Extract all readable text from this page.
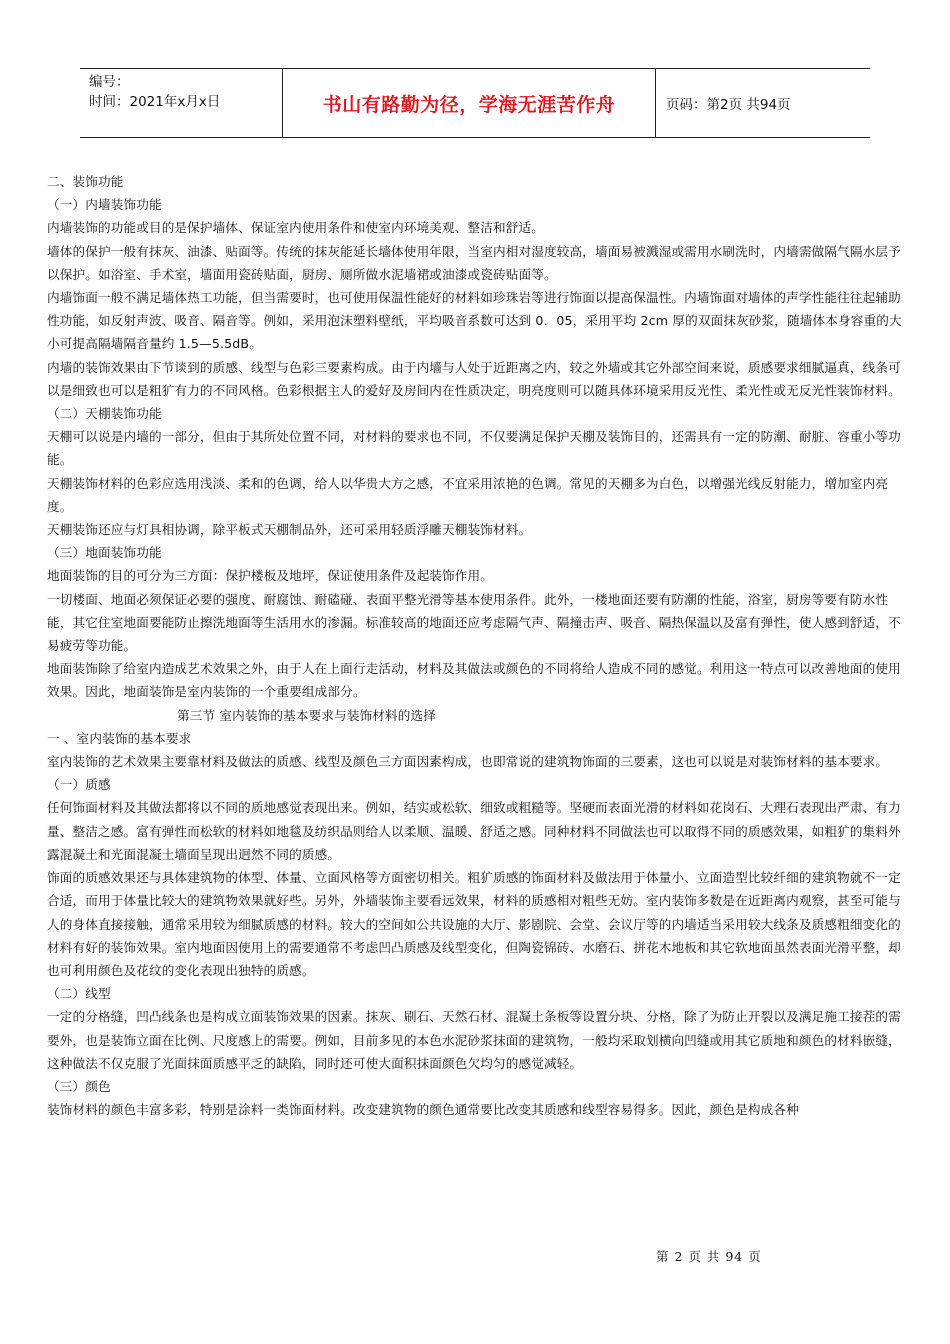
编号：
时间：2021年x月x日	书山有路勤为径，学海无涯苦作舟	页码：第2页 共94页

二、装饰功能

（一）内墙装饰功能

内墙装饰的功能或目的是保护墙体、保证室内使用条件和使室内环境美观、整洁和舒适。

墙体的保护一般有抹灰、油漆、贴面等。传统的抹灰能延长墙体使用年限，当室内相对湿度较高，墙面易被溅湿或需用水刷洗时，内墙需做隔气隔水层予以保护。如浴室、手术室，墙面用瓷砖贴面，厨房、厕所做水泥墙裙或油漆或瓷砖贴面等。

内墙饰面一般不满足墙体热工功能，但当需要时，也可使用保温性能好的材料如珍珠岩等进行饰面以提高保温性。内墙饰面对墙体的声学性能往往起辅助性功能，如反射声波、吸音、隔音等。例如，采用泡沫塑料壁纸，平均吸音系数可达到 0．05，采用平均 2cm 厚的双面抹灰砂浆，随墙体本身容重的大小可提高隔墙隔音量约 1.5—5.5dB。

内墙的装饰效果由下节谈到的质感、线型与色彩三要素构成。由于内墙与人处于近距离之内，较之外墙或其它外部空间来说，质感要求细腻逼真，线条可以是细致也可以是粗犷有力的不同风格。色彩根据主人的爱好及房间内在性质决定，明亮度则可以随具体环境采用反光性、柔光性或无反光性装饰材料。

（二）天棚装饰功能

天棚可以说是内墙的一部分，但由于其所处位置不同，对材料的要求也不同，不仅要满足保护天棚及装饰目的，还需具有一定的防潮、耐脏、容重小等功能。

天棚装饰材料的色彩应选用浅淡、柔和的色调，给人以华贵大方之感，不宜采用浓艳的色调。常见的天棚多为白色，以增强光线反射能力，增加室内亮度。

天棚装饰还应与灯具相协调，除平板式天棚制品外，还可采用轻质浮雕天棚装饰材料。

（三）地面装饰功能

地面装饰的目的可分为三方面：保护楼板及地坪，保证使用条件及起装饰作用。

一切楼面、地面必须保证必要的强度、耐腐蚀、耐磕碰、表面平整光滑等基本使用条件。此外，一楼地面还要有防潮的性能，浴室，厨房等要有防水性能，其它住室地面要能防止擦洗地面等生活用水的渗漏。标准较高的地面还应考虑隔气声、隔撞击声、吸音、隔热保温以及富有弹性，使人感到舒适，不易疲劳等功能。

地面装饰除了给室内造成艺术效果之外，由于人在上面行走活动，材料及其做法或颜色的不同将给人造成不同的感觉。利用这一特点可以改善地面的使用效果。因此，地面装饰是室内装饰的一个重要组成部分。

第三节 室内装饰的基本要求与装饰材料的选择

一 、室内装饰的基本要求

室内装饰的艺术效果主要靠材料及做法的质感、线型及颜色三方面因素构成，也即常说的建筑物饰面的三要素，这也可以说是对装饰材料的基本要求。

（一）质感

任何饰面材料及其做法都将以不同的质地感觉表现出来。例如，结实或松软、细致或粗糙等。坚硬而表面光滑的材料如花岗石、大理石表现出严肃、有力量、整洁之感。富有弹性而松软的材料如地毯及纺织品则给人以柔顺、温暖、舒适之感。同种材料不同做法也可以取得不同的质感效果，如粗犷的集料外露混凝土和光面混凝土墙面呈现出迥然不同的质感。

饰面的质感效果还与具体建筑物的体型、体量、立面风格等方面密切相关。粗犷质感的饰面材料及做法用于体量小、立面造型比较纤细的建筑物就不一定合适，而用于体量比较大的建筑物效果就好些。另外，外墙装饰主要看远效果，材料的质感相对粗些无妨。室内装饰多数是在近距离内观察，甚至可能与人的身体直接接触，通常采用较为细腻质感的材料。较大的空间如公共设施的大厅、影剧院、会堂、会议厅等的内墙适当采用较大线条及质感粗细变化的材料有好的装饰效果。室内地面因使用上的需要通常不考虑凹凸质感及线型变化，但陶瓷锦砖、水磨石、拼花木地板和其它软地面虽然表面光滑平整，却也可利用颜色及花纹的变化表现出独特的质感。

（二）线型

一定的分格缝，凹凸线条也是构成立面装饰效果的因素。抹灰、刷石、天然石材、混凝土条板等设置分块、分格，除了为防止开裂以及满足施工接茬的需要外，也是装饰立面在比例、尺度感上的需要。例如，目前多见的本色水泥砂浆抹面的建筑物，一般均采取划横向凹缝或用其它质地和颜色的材料嵌缝，这种做法不仅克服了光面抹面质感平乏的缺陷，同时还可使大面积抹面颜色欠均匀的感觉减轻。

（三）颜色

装饰材料的颜色丰富多彩，特别是涂料一类饰面材料。改变建筑物的颜色通常要比改变其质感和线型容易得多。因此，颜色是构成各种

第 2 页 共 94 页
